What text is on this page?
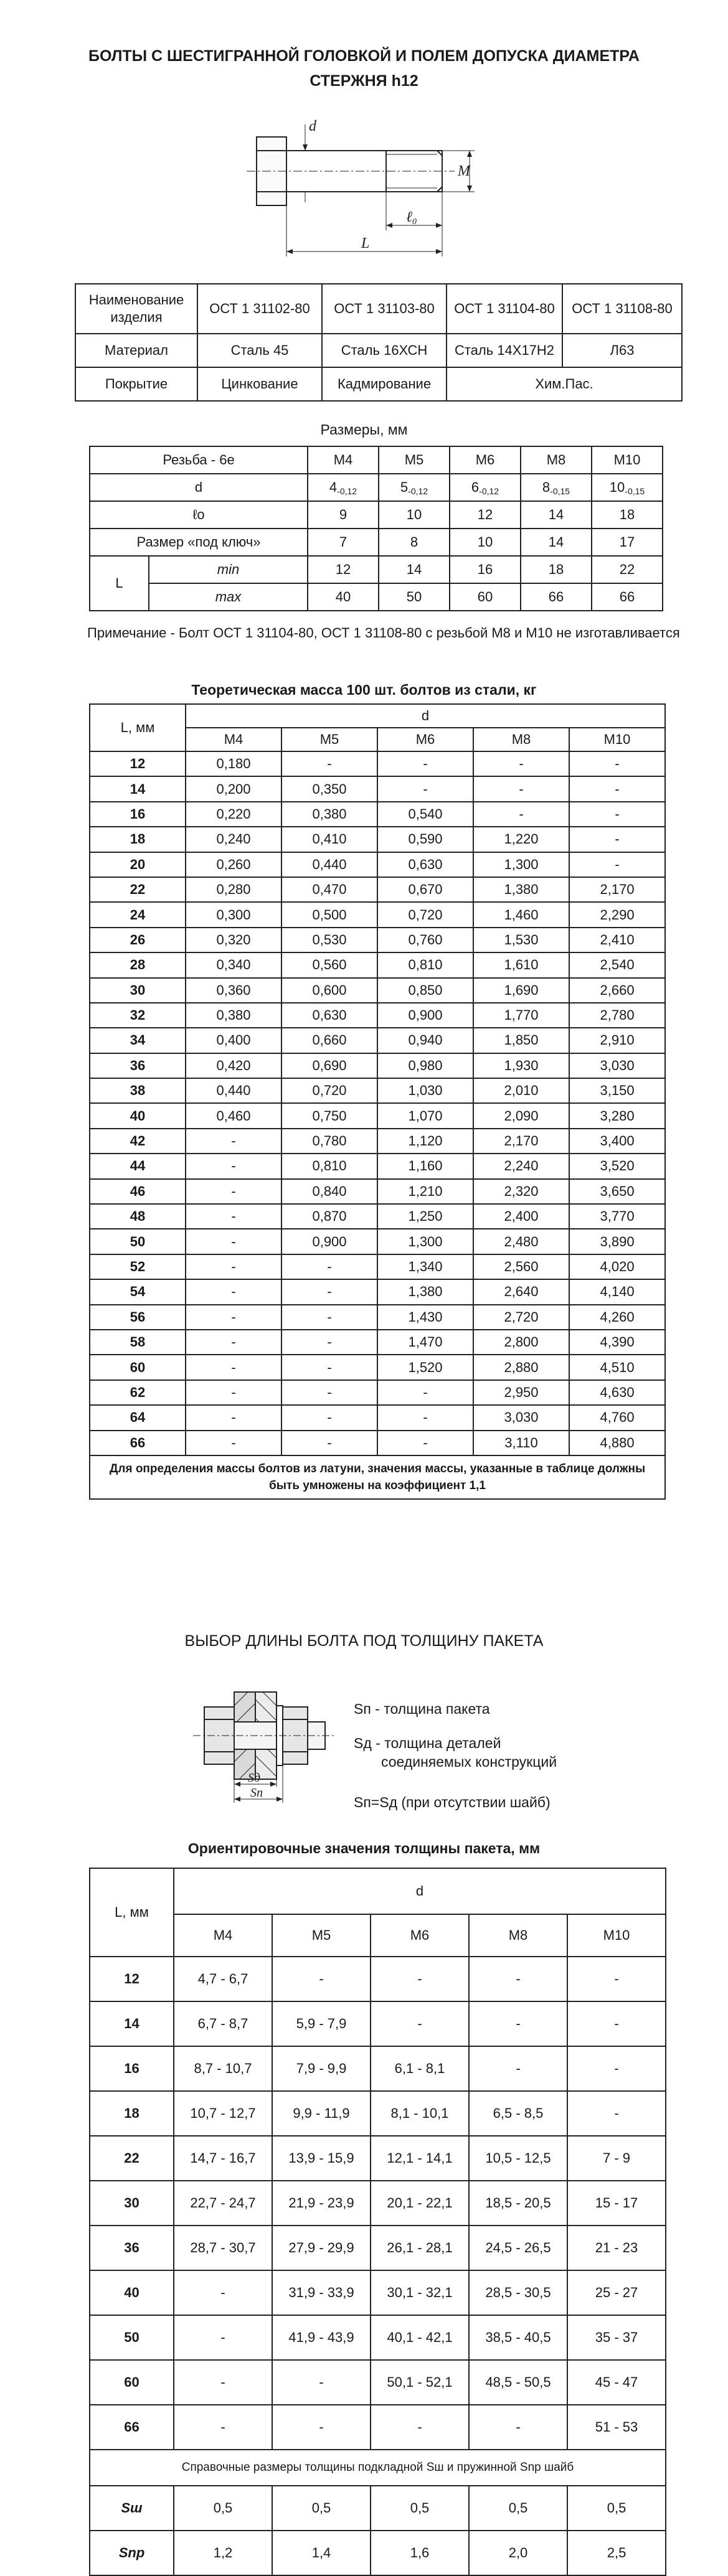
БОЛТЫ С ШЕСТИГРАННОЙ ГОЛОВКОЙ И ПОЛЕМ ДОПУСКА ДИАМЕТРА
СТЕРЖНЯ h12
d
М
ℓ0
L
Наименование изделия	ОСТ 1 31102-80	ОСТ 1 31103-80	ОСТ 1 31104-80	ОСТ 1 31108-80
Материал	Сталь 45	Сталь 16ХСН	Сталь 14Х17Н2	Л63
Покрытие	Цинкование	Кадмирование	Хим.Пас.	
Размеры, мм
Резьба - 6е		М4	М5	М6	М8	М10
d		$4_{-0,12}$	$5_{-0,12}$	$6_{-0,12}$	$8_{-0,15}$	$10_{-0,15}$
ℓo		9	10	12	14	18
Размер «под ключ»		7	8	10	14	17
L	min	12	14	16	18	22
	max	40	50	60	66	66
Примечание - Болт ОСТ 1 31104-80, ОСТ 1 31108-80 с резьбой М8 и М10 не изготавливается
Теоретическая масса 100 шт. болтов из стали, кг
L, мм	d				
	М4	М5	М6	М8	М10
12	0,180	-	-	-	-
14	0,200	0,350	-	-	-
16	0,220	0,380	0,540	-	-
18	0,240	0,410	0,590	1,220	-
20	0,260	0,440	0,630	1,300	-
22	0,280	0,470	0,670	1,380	2,170
24	0,300	0,500	0,720	1,460	2,290
26	0,320	0,530	0,760	1,530	2,410
28	0,340	0,560	0,810	1,610	2,540
30	0,360	0,600	0,850	1,690	2,660
32	0,380	0,630	0,900	1,770	2,780
34	0,400	0,660	0,940	1,850	2,910
36	0,420	0,690	0,980	1,930	3,030
38	0,440	0,720	1,030	2,010	3,150
40	0,460	0,750	1,070	2,090	3,280
42	-	0,780	1,120	2,170	3,400
44	-	0,810	1,160	2,240	3,520
46	-	0,840	1,210	2,320	3,650
48	-	0,870	1,250	2,400	3,770
50	-	0,900	1,300	2,480	3,890
52	-	-	1,340	2,560	4,020
54	-	-	1,380	2,640	4,140
56	-	-	1,430	2,720	4,260
58	-	-	1,470	2,800	4,390
60	-	-	1,520	2,880	4,510
62	-	-	-	2,950	4,630
64	-	-	-	3,030	4,760
66	-	-	-	3,110	4,880
Для определения массы болтов из латуни, значения массы, указанные в таблице должны быть умножены на коэффициент 1,1					
ВЫБОР ДЛИНЫ БОЛТА ПОД ТОЛЩИНУ ПАКЕТА
Sд
Sп
Sп - толщина пакета
Sд - толщина деталей
соединяемых конструкций
Sп=Sд (при отсутствии шайб)
Ориентировочные значения толщины пакета, мм
L, мм	d				
	М4	М5	М6	М8	М10
12	4,7 - 6,7	-	-	-	-
14	6,7 - 8,7	5,9 - 7,9	-	-	-
16	8,7 - 10,7	7,9 - 9,9	6,1 - 8,1	-	-
18	10,7 - 12,7	9,9 - 11,9	8,1 - 10,1	6,5 - 8,5	-
22	14,7 - 16,7	13,9 - 15,9	12,1 - 14,1	10,5 - 12,5	7 - 9
30	22,7 - 24,7	21,9 - 23,9	20,1 - 22,1	18,5 - 20,5	15 - 17
36	28,7 - 30,7	27,9 - 29,9	26,1 - 28,1	24,5 - 26,5	21 - 23
40	-	31,9 - 33,9	30,1 - 32,1	28,5 - 30,5	25 - 27
50	-	41,9 - 43,9	40,1 - 42,1	38,5 - 40,5	35 - 37
60	-	-	50,1 - 52,1	48,5 - 50,5	45 - 47
66	-	-	-	-	51 - 53
Справочные размеры толщины подкладной Sш и пружинной Snp шайб					
Sш	0,5	0,5	0,5	0,5	0,5
Snp	1,2	1,4	1,6	2,0	2,5
